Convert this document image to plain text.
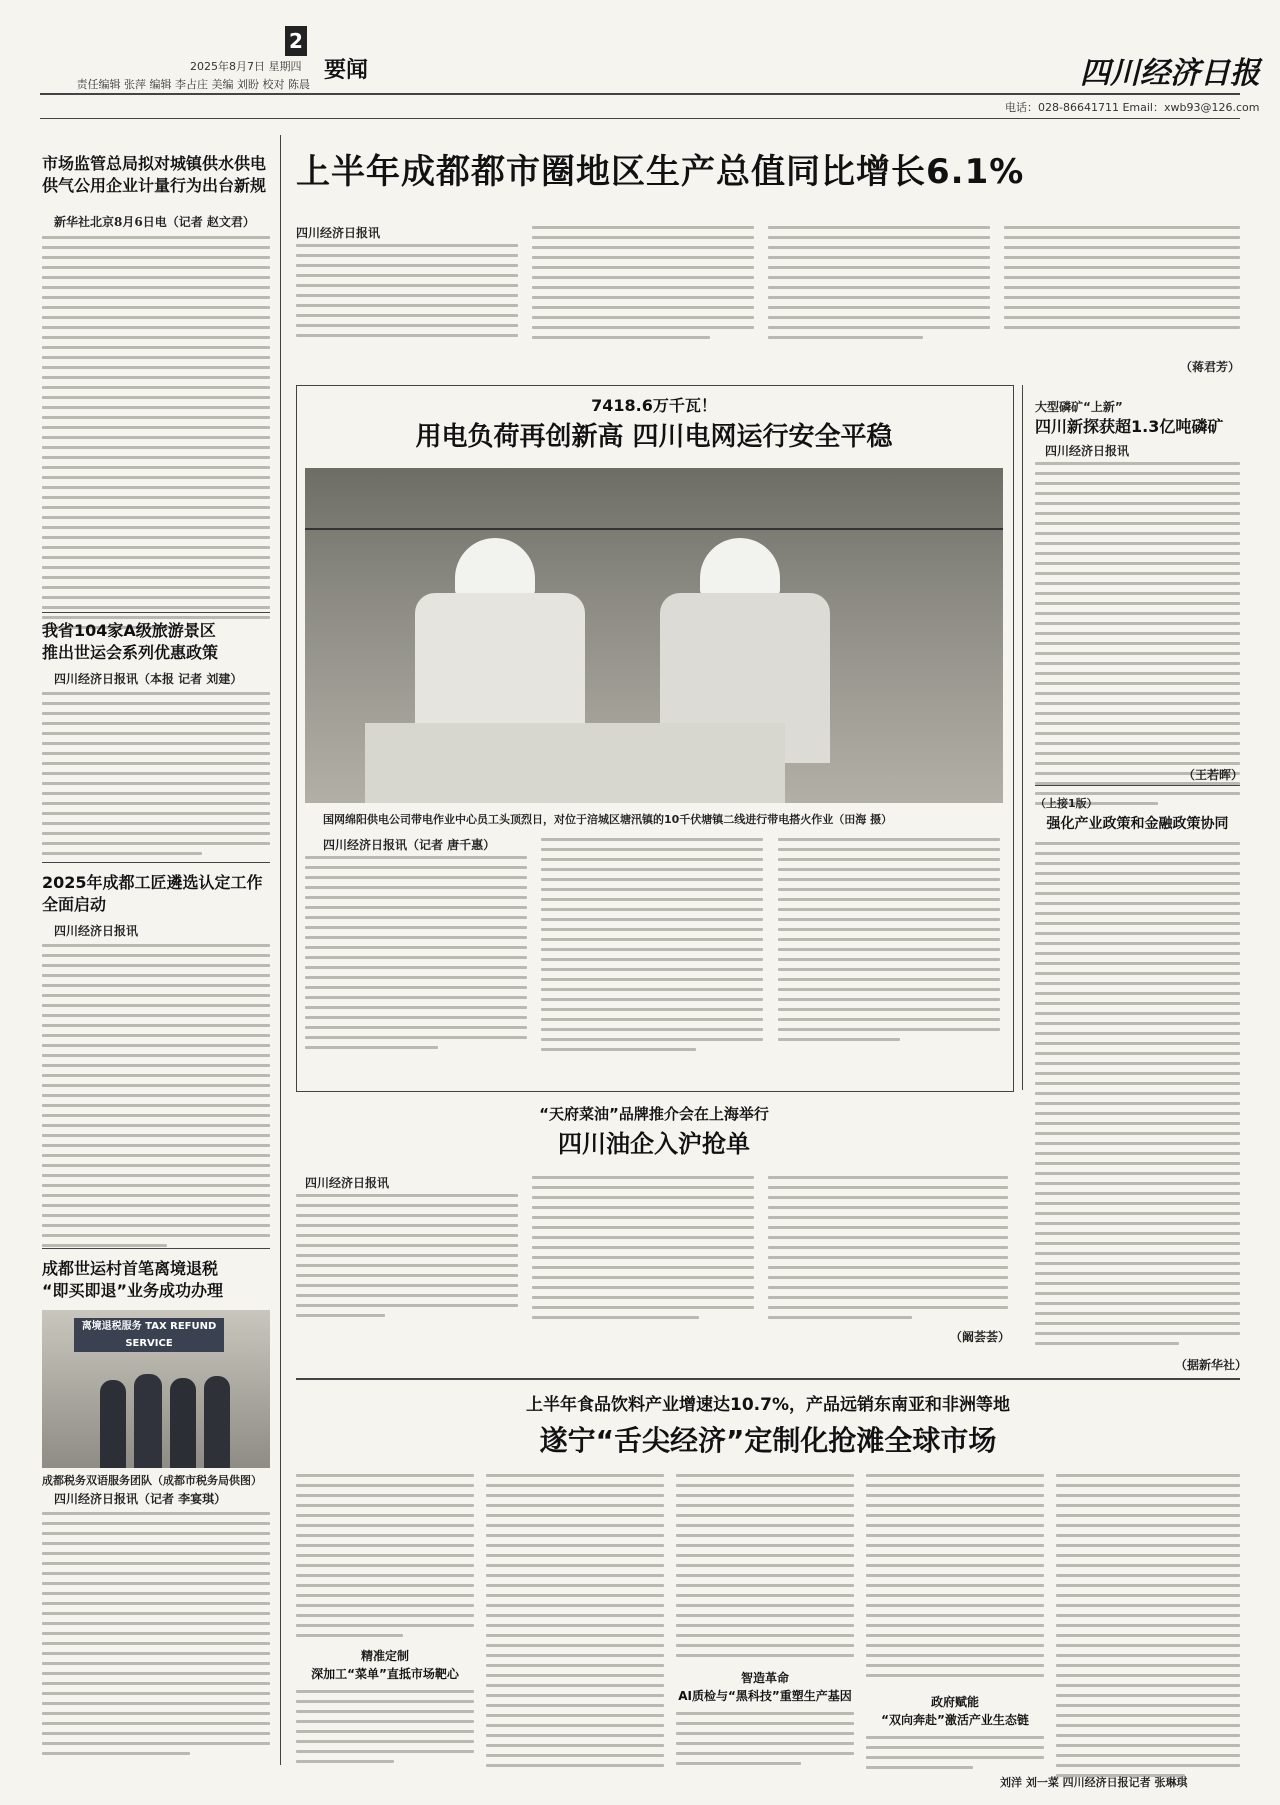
2
2025年8月7日 星期四
责任编辑 张萍 编辑 李占庄 美编 刘盼 校对 陈晨
要闻	四川经济日报
电话：028-86641711 Email：xwb93@126.com
市场监管总局拟对城镇供水供电供气公用企业计量行为出台新规
新华社北京8月6日电（记者 赵文君）
我省104家A级旅游景区
推出世运会系列优惠政策
四川经济日报讯（本报 记者 刘建）
2025年成都工匠遴选认定工作
全面启动
四川经济日报讯
成都世运村首笔离境退税
“即买即退”业务成功办理
离境退税服务 TAX REFUND SERVICE
成都税务双语服务团队（成都市税务局供图）
四川经济日报讯（记者 李宴琪）
上半年成都都市圈地区生产总值同比增长6.1%
四川经济日报讯
（蒋君芳）
7418.6万千瓦！
用电负荷再创新高 四川电网运行安全平稳
国网绵阳供电公司带电作业中心员工头顶烈日，对位于涪城区塘汛镇的10千伏塘镇二线进行带电搭火作业（田海 摄）
四川经济日报讯（记者 唐千惠）
大型磷矿“上新”
四川新探获超1.3亿吨磷矿
四川经济日报讯
（王若晖）
（上接1版）
强化产业政策和金融政策协同
（据新华社）
“天府菜油”品牌推介会在上海举行
四川油企入沪抢单
四川经济日报讯
（阚荟荟）
上半年食品饮料产业增速达10.7%，产品远销东南亚和非洲等地
遂宁“舌尖经济”定制化抢滩全球市场
精准定制
深加工“菜单”直抵市场靶心	智造革命
AI质检与“黑科技”重塑生产基因	政府赋能
“双向奔赴”激活产业生态链
刘洋 刘一菜 四川经济日报记者 张琳琪
